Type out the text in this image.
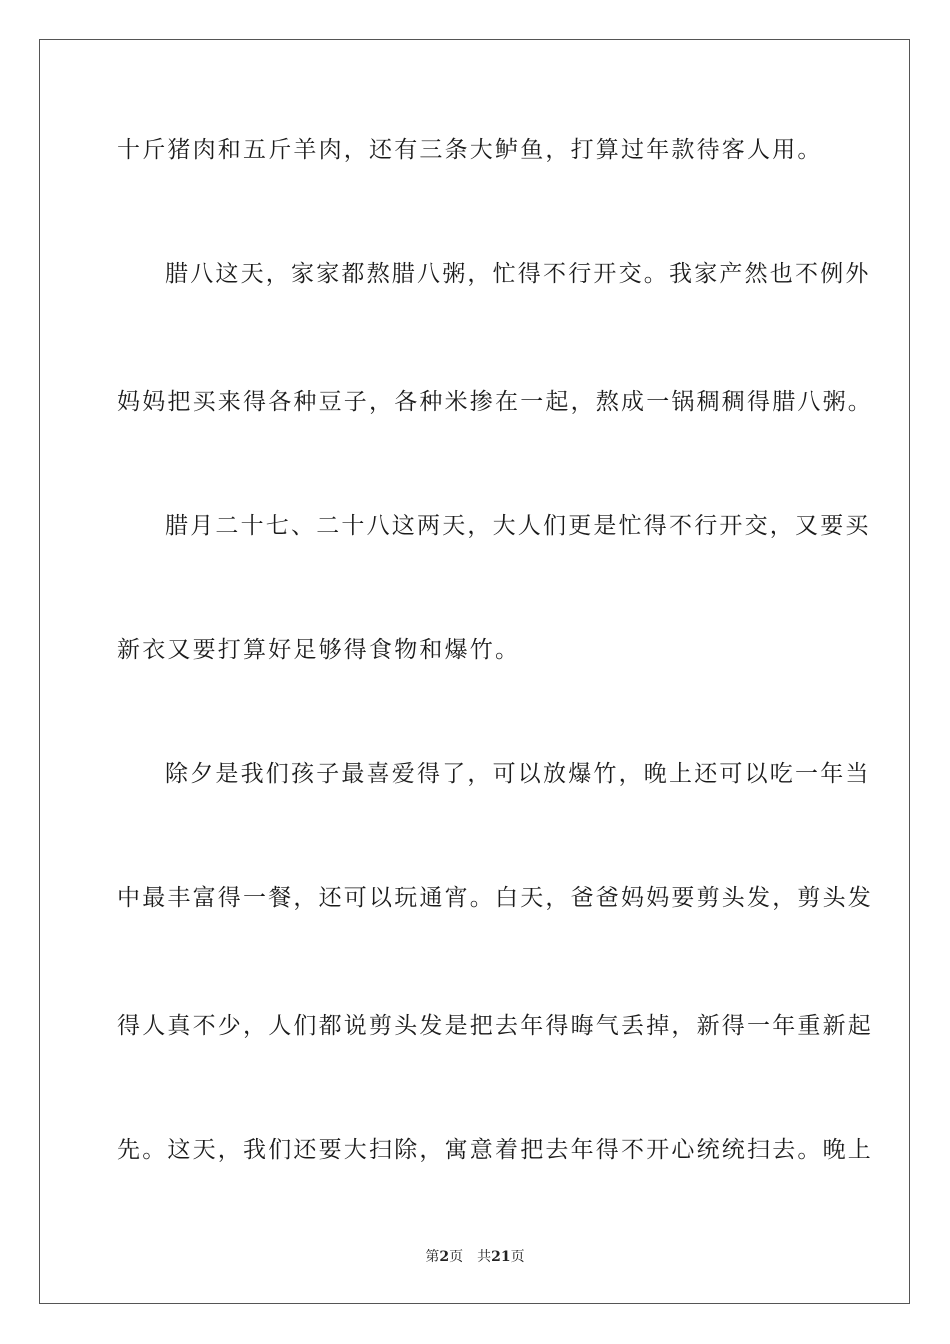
十斤猪肉和五斤羊肉，还有三条大鲈鱼，打算过年款待客人用。
腊八这天，家家都熬腊八粥，忙得不行开交。我家产然也不例外
妈妈把买来得各种豆子，各种米掺在一起，熬成一锅稠稠得腊八粥。
腊月二十七、二十八这两天，大人们更是忙得不行开交，又要买
新衣又要打算好足够得食物和爆竹。
除夕是我们孩子最喜爱得了，可以放爆竹，晚上还可以吃一年当
中最丰富得一餐，还可以玩通宵。白天，爸爸妈妈要剪头发，剪头发
得人真不少，人们都说剪头发是把去年得晦气丢掉，新得一年重新起
先。这天，我们还要大扫除，寓意着把去年得不开心统统扫去。晚上
第2页 共21页
